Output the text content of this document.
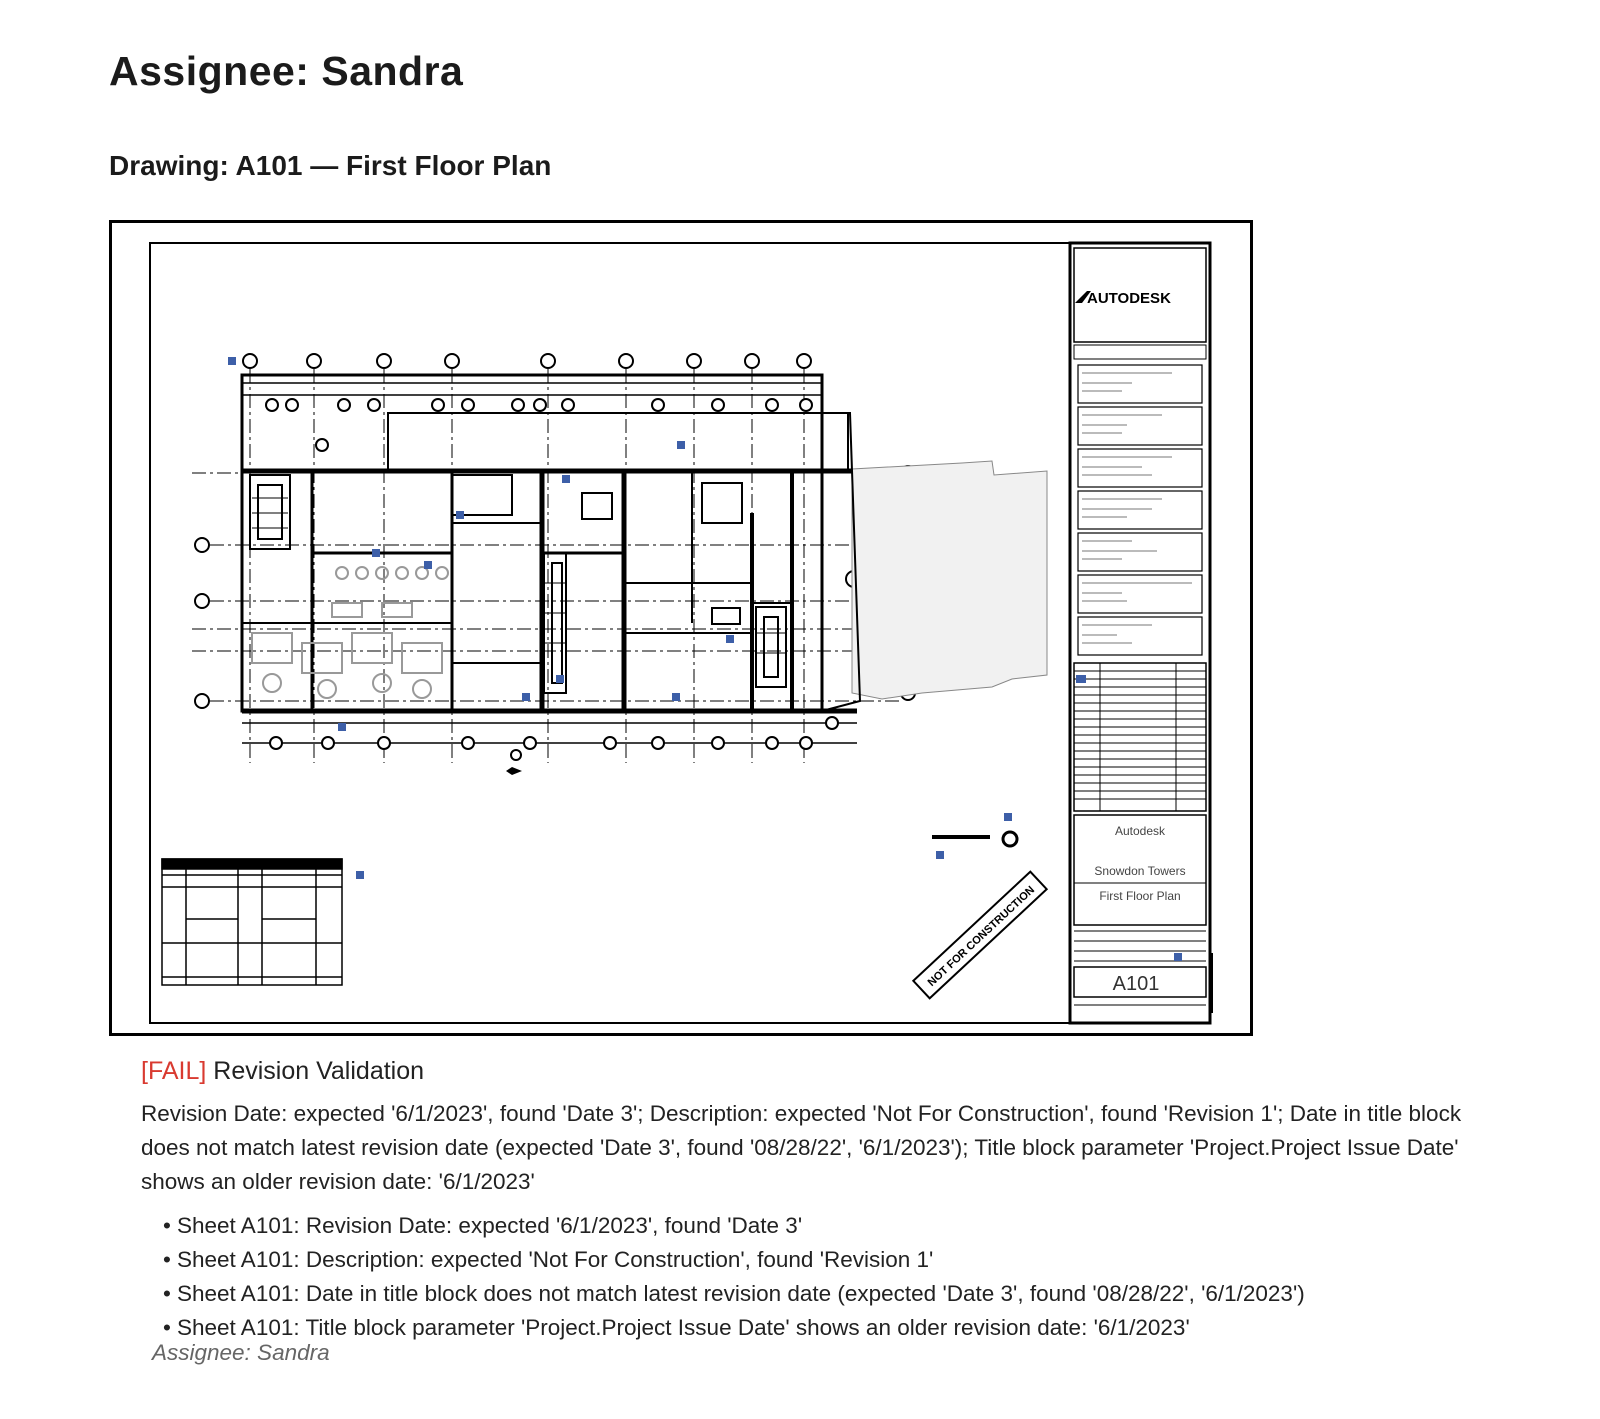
Assignee: Sandra
Drawing: A101 — First Floor Plan
AUTODESK
Autodesk
Snowdon Towers
First Floor Plan
A101
NOT FOR CONSTRUCTION

[FAIL] Revision Validation

Revision Date: expected '6/1/2023', found 'Date 3'; Description: expected 'Not For Construction', found 'Revision 1'; Date in title block does not match latest revision date (expected 'Date 3', found '08/28/22', '6/1/2023'); Title block parameter 'Project.Project Issue Date' shows an older revision date: '6/1/2023'

• Sheet A101: Revision Date: expected '6/1/2023', found 'Date 3'
• Sheet A101: Description: expected 'Not For Construction', found 'Revision 1'
• Sheet A101: Date in title block does not match latest revision date (expected 'Date 3', found '08/28/22', '6/1/2023')
• Sheet A101: Title block parameter 'Project.Project Issue Date' shows an older revision date: '6/1/2023'
Assignee: Sandra
